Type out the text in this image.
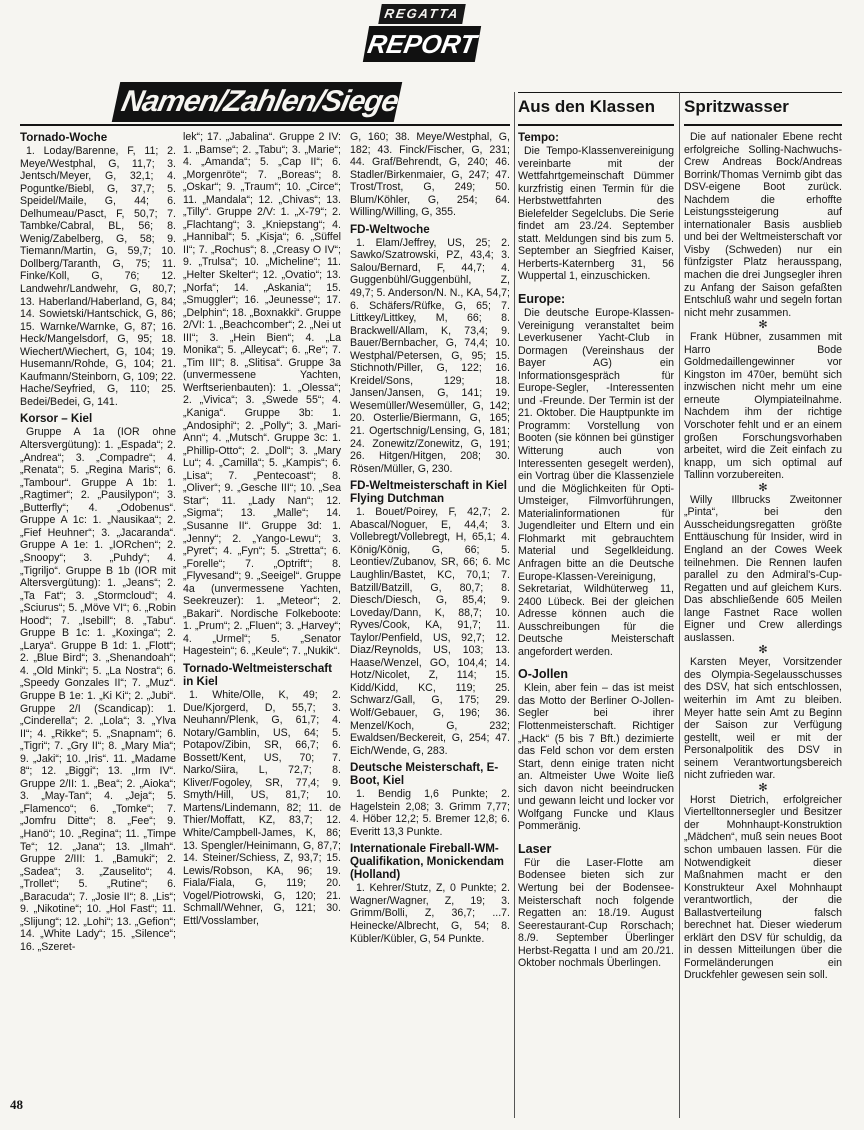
REGATTA
REPORT
Namen/Zahlen/Siege	Aus den Klassen	Spritzwasser

Tornado-Woche

1. Loday/Barenne, F, 11; 2. Meye/Westphal, G, 11,7; 3. Jentsch/Meyer, G, 32,1; 4. Poguntke/Biebl, G, 37,7; 5. Speidel/Maile, G, 44; 6. Delhumeau/Pasct, F, 50,7; 7. Tambke/Cabral, BL, 56; 8. Wenig/Zabelberg, G, 58; 9. Tiemann/Martin, G, 59,7; 10. Dollberg/Taranth, G, 75; 11. Finke/Koll, G, 76; 12. Landwehr/Landwehr, G, 80,7; 13. Haberland/Haberland, G, 84; 14. Sowietski/Hantschick, G, 86; 15. Warnke/Warnke, G, 87; 16. Heck/Mangelsdorf, G, 95; 18. Wiechert/Wiechert, G, 104; 19. Husemann/Rohde, G, 104; 21. Kaufmann/Steinborn, G, 109; 22. Hache/Seyfried, G, 110; 25. Bedei/Bedei, G, 141.

Korsor – Kiel

Gruppe A 1a (IOR ohne Altersvergütung): 1. „Espada“; 2. „Andrea“; 3. „Compadre“; 4. „Renata“; 5. „Regina Maris“; 6. „Tambour“. Gruppe A 1b: 1. „Ragtimer“; 2. „Pausilypon“; 3. „Butterfly“; 4. „Odobenus“. Gruppe A 1c: 1. „Nausikaa“; 2. „Fief Heuhner“; 3. „Jacaranda“. Gruppe A 1e: 1. „IORchen“; 2. „Snoopy“; 3. „Puhdy“; 4. „Tigriljo“. Gruppe B 1b (IOR mit Altersvergütung): 1. „Jeans“; 2. „Ta Fat“; 3. „Stormcloud“; 4. „Sciurus“; 5. „Möve VI“; 6. „Robin Hood“; 7. „Isebill“; 8. „Tabu“. Gruppe B 1c: 1. „Koxinga“; 2. „Larya“. Gruppe B 1d: 1. „Flott“; 2. „Blue Bird“; 3. „Shenandoah“; 4. „Old Minki“; 5. „La Nostra“; 6. „Speedy Gonzales II“; 7. „Muz“. Gruppe B 1e: 1. „Ki Ki“; 2. „Jubi“. Gruppe 2/I (Scandicap): 1. „Cinderella“; 2. „Lola“; 3. „Ylva II“; 4. „Rikke“; 5. „Snapnam“; 6. „Tigri“; 7. „Gry II“; 8. „Mary Mia“; 9. „Jaki“; 10. „Iris“. 11. „Madame 8“; 12. „Biggi“; 13. „Irm IV“. Gruppe 2/II: 1. „Bea“; 2. „Aioka“; 3. „May-Tan“; 4. „Jeja“; 5. „Flamenco“; 6. „Tomke“; 7. „Jomfru Ditte“; 8. „Fee“; 9. „Hanö“; 10. „Regina“; 11. „Timpe Te“; 12. „Jana“; 13. „Ilmah“. Gruppe 2/III: 1. „Bamuki“; 2. „Sadea“; 3. „Zauselito“; 4. „Trollet“; 5. „Rutine“; 6. „Baracuda“; 7. „Josie II“; 8. „Lis“; 9. „Nikotine“; 10. „Hol Fast“; 11. „Slijung“; 12. „Lohi“; 13. „Gefion“; 14. „White Lady“; 15. „Silence“; 16. „Szeret-

lek“; 17. „Jabalina“. Gruppe 2 IV: 1. „Bamse“; 2. „Tabu“; 3. „Marie“; 4. „Amanda“; 5. „Cap II“; 6. „Morgenröte“; 7. „Boreas“; 8. „Oskar“; 9. „Traum“; 10. „Circe“; 11. „Mandala“; 12. „Chivas“; 13. „Tilly“. Gruppe 2/V: 1. „X-79“; 2. „Flachtang“; 3. „Kniepstang“; 4. „Hannibal“; 5. „Kisja“; 6. „Süffel II“; 7. „Rochus“; 8. „Creasy O IV“; 9. „Trulsa“; 10. „Micheline“; 11. „Helter Skelter“; 12. „Ovatio“; 13. „Norfa“; 14. „Askania“; 15. „Smuggler“; 16. „Jeunesse“; 17. „Delphin“; 18. „Boxnakki“. Gruppe 2/VI: 1. „Beachcomber“; 2. „Nei ut III“; 3. „Hein Bien“; 4. „La Monika“; 5. „Alleycat“; 6. „Re“; 7. „Tim III“; 8. „Slitisa“. Gruppe 3a (unvermessene Yachten, Werftserienbauten): 1. „Olessa“; 2. „Vivica“; 3. „Swede 55“; 4. „Kaniga“. Gruppe 3b: 1. „Andosiphi“; 2. „Polly“; 3. „Mari-Ann“; 4. „Mutsch“. Gruppe 3c: 1. „Phillip-Otto“; 2. „Doll“; 3. „Mary Lu“; 4. „Camilla“; 5. „Kampis“; 6. „Lisa“; 7. „Pentecoast“; 8. „Oliver“; 9. „Gesche III“; 10. „Sea Star“; 11. „Lady Nan“; 12. „Sigma“; 13. „Malle“; 14. „Susanne II“. Gruppe 3d: 1. „Jenny“; 2. „Yango-Lewu“; 3. „Pyret“; 4. „Fyn“; 5. „Stretta“; 6. „Forelle“; 7. „Optrift“; 8. „Flyvesand“; 9. „Seeigel“. Gruppe 4a (unvermessene Yachten, Seekreuzer): 1. „Meteor“; 2. „Bakari“. Nordische Folkeboote: 1. „Prum“; 2. „Fluen“; 3. „Harvey“; 4. „Urmel“; 5. „Senator Hagestein“; 6. „Keule“; 7. „Nukik“.

Tornado-Weltmeisterschaft in Kiel

1. White/Olle, K, 49; 2. Due/Kjorgerd, D, 55,7; 3. Neuhann/Plenk, G, 61,7; 4. Notary/Gamblin, US, 64; 5. Potapov/Zibin, SR, 66,7; 6. Bossett/Kent, US, 70; 7. Narko/Siira, L, 72,7; 8. Kliver/Fogoley, SR, 77,4; 9. Smyth/Hill, US, 81,7; 10. Martens/Lindemann, 82; 11. de Thier/Moffatt, KZ, 83,7; 12. White/Campbell-James, K, 86; 13. Spengler/Heinimann, G, 87,7; 14. Steiner/Schiess, Z, 93,7; 15. Lewis/Robson, KA, 96; 19. Fiala/Fiala, G, 119; 20. Vogel/Piotrowski, G, 120; 21. Schmall/Wehner, G, 121; 30. Ettl/Vosslamber,

G, 160; 38. Meye/Westphal, G, 182; 43. Finck/Fischer, G, 231; 44. Graf/Behrendt, G, 240; 46. Stadler/Birkenmaier, G, 247; 47. Trost/Trost, G, 249; 50. Blum/Köhler, G, 254; 64. Willing/Willing, G, 355.

FD-Weltwoche

1. Elam/Jeffrey, US, 25; 2. Sawko/Szatrowski, PZ, 43,4; 3. Salou/Bernard, F, 44,7; 4. Guggenbühl/Guggenbühl, Z, 49,7; 5. Anderson/N. N., KA, 54,7; 6. Schäfers/Rüfke, G, 65; 7. Littkey/Littkey, M, 66; 8. Brackwell/Allam, K, 73,4; 9. Bauer/Bernbacher, G, 74,4; 10. Westphal/Petersen, G, 95; 15. Stichnoth/Piller, G, 122; 16. Kreidel/Sons, 129; 18. Jansen/Jansen, G, 141; 19. Wesemüller/Wesemüller, G, 142; 20. Osterlie/Biermann, G, 165; 21. Ogertschnig/Lensing, G, 181; 24. Zonewitz/Zonewitz, G, 191; 26. Hitgen/Hitgen, 208; 30. Rösen/Müller, G, 230.

FD-Weltmeisterschaft in Kiel Flying Dutchman

1. Bouet/Poirey, F, 42,7; 2. Abascal/Noguer, E, 44,4; 3. Vollebregt/Vollebregt, H, 65,1; 4. König/König, G, 66; 5. Leontiev/Zubanov, SR, 66; 6. Mc Laughlin/Bastet, KC, 70,1; 7. Batzill/Batzill, G, 80,7; 8. Diesch/Diesch, G, 85,4; 9. Loveday/Dann, K, 88,7; 10. Ryves/Cook, KA, 91,7; 11. Taylor/Penfield, US, 92,7; 12. Diaz/Reynolds, US, 103; 13. Haase/Wenzel, GO, 104,4; 14. Hotz/Nicolet, Z, 114; 15. Kidd/Kidd, KC, 119; 25. Schwarz/Gall, G, 175; 29. Wolf/Gebauer, G, 196; 36. Menzel/Koch, G, 232; Ewaldsen/Beckereit, G, 254; 47. Eich/Wende, G, 283.

Deutsche Meisterschaft, E-Boot, Kiel

1. Bendig 1,6 Punkte; 2. Hagelstein 2,08; 3. Grimm 7,77; 4. Höber 12,2; 5. Bremer 12,8; 6. Everitt 13,3 Punkte.

Internationale Fireball-WM-Qualifikation, Monickendam (Holland)

1. Kehrer/Stutz, Z, 0 Punkte; 2. Wagner/Wagner, Z, 19; 3. Grimm/Bolli, Z, 36,7; ...7. Heinecke/Albrecht, G, 54; 8. Kübler/Kübler, G, 54 Punkte.

Tempo:

Die Tempo-Klassenvereinigung vereinbarte mit der Wettfahrtgemeinschaft Dümmer kurzfristig einen Termin für die Herbstwettfahrten des Bielefelder Segelclubs. Die Serie findet am 23./24. September statt. Meldungen sind bis zum 5. September an Siegfried Kaiser, Herberts-Katernberg 31, 56 Wuppertal 1, einzuschicken.

Europe:

Die deutsche Europe-Klassen-Vereinigung veranstaltet beim Leverkusener Yacht-Club in Dormagen (Vereinshaus der Bayer AG) ein Informationsgespräch für Europe-Segler, -Interessenten und -Freunde. Der Termin ist der 21. Oktober. Die Hauptpunkte im Programm: Vorstellung von Booten (sie können bei günstiger Witterung auch von Interessenten gesegelt werden), ein Vortrag über die Klassenziele und die Möglichkeiten für Opti-Umsteiger, Filmvorführungen, Materialinformationen für Jugendleiter und Eltern und ein Flohmarkt mit gebrauchtem Material und Segelkleidung. Anfragen bitte an die Deutsche Europe-Klassen-Vereinigung, Sekretariat, Wildhüterweg 11, 2400 Lübeck. Bei der gleichen Adresse können auch die Ausschreibungen für die Deutsche Meisterschaft angefordert werden.

O-Jollen

Klein, aber fein – das ist meist das Motto der Berliner O-Jollen-Segler bei ihrer Flottenmeisterschaft. Richtiger „Hack“ (5 bis 7 Bft.) dezimierte das Feld schon vor dem ersten Start, denn einige traten nicht an. Altmeister Uwe Woite ließ sich davon nicht beeindrucken und gewann leicht und locker vor Wolfgang Funcke und Klaus Pommeränig.

Laser

Für die Laser-Flotte am Bodensee bieten sich zur Wertung bei der Bodensee-Meisterschaft noch folgende Regatten an: 18./19. August Seerestaurant-Cup Rorschach; 8./9. September Überlinger Herbst-Regatta I und am 20./21. Oktober nochmals Überlingen.

Die auf nationaler Ebene recht erfolgreiche Solling-Nachwuchs-Crew Andreas Bock/Andreas Borrink/Thomas Vernimb gibt das DSV-eigene Boot zurück. Nachdem die erhoffte Leistungssteigerung auf internationaler Basis ausblieb und bei der Weltmeisterschaft vor Visby (Schweden) nur ein fünfzigster Platz herausspang, machen die drei Jungsegler ihren zu Anfang der Saison gefaßten Entschluß wahr und segeln fortan nicht mehr zusammen.

✻

Frank Hübner, zusammen mit Harro Bode Goldmedaillengewinner vor Kingston im 470er, bemüht sich inzwischen nicht mehr um eine erneute Olympiateilnahme. Nachdem ihm der richtige Vorschoter fehlt und er an einem großen Forschungsvorhaben arbeitet, wird die Zeit einfach zu knapp, um sich optimal auf Tallinn vorzubereiten.

✻

Willy Illbrucks Zweitonner „Pinta“, bei den Ausscheidungsregatten größte Enttäuschung für Insider, wird in England an der Cowes Week teilnehmen. Die Rennen laufen parallel zu den Admiral's-Cup-Regatten und auf gleichem Kurs. Das abschließende 605 Meilen lange Fastnet Race wollen Eigner und Crew allerdings auslassen.

✻

Karsten Meyer, Vorsitzender des Olympia-Segelausschusses des DSV, hat sich entschlossen, weiterhin im Amt zu bleiben. Meyer hatte sein Amt zu Beginn der Saison zur Verfügung gestellt, weil er mit der Personalpolitik des DSV in seinem Verantwortungsbereich nicht zufrieden war.

✻

Horst Dietrich, erfolgreicher Viertelltonnersegler und Besitzer der Mohnhaupt-Konstruktion „Mädchen“, muß sein neues Boot schon umbauen lassen. Für die Notwendigkeit dieser Maßnahmen macht er den Konstrukteur Axel Mohnhaupt verantwortlich, der die Ballastverteilung falsch berechnet hat. Dieser wiederum erklärt den DSV für schuldig, da in dessen Mitteilungen über die Formeländerungen ein Druckfehler gewesen sein soll.

48
